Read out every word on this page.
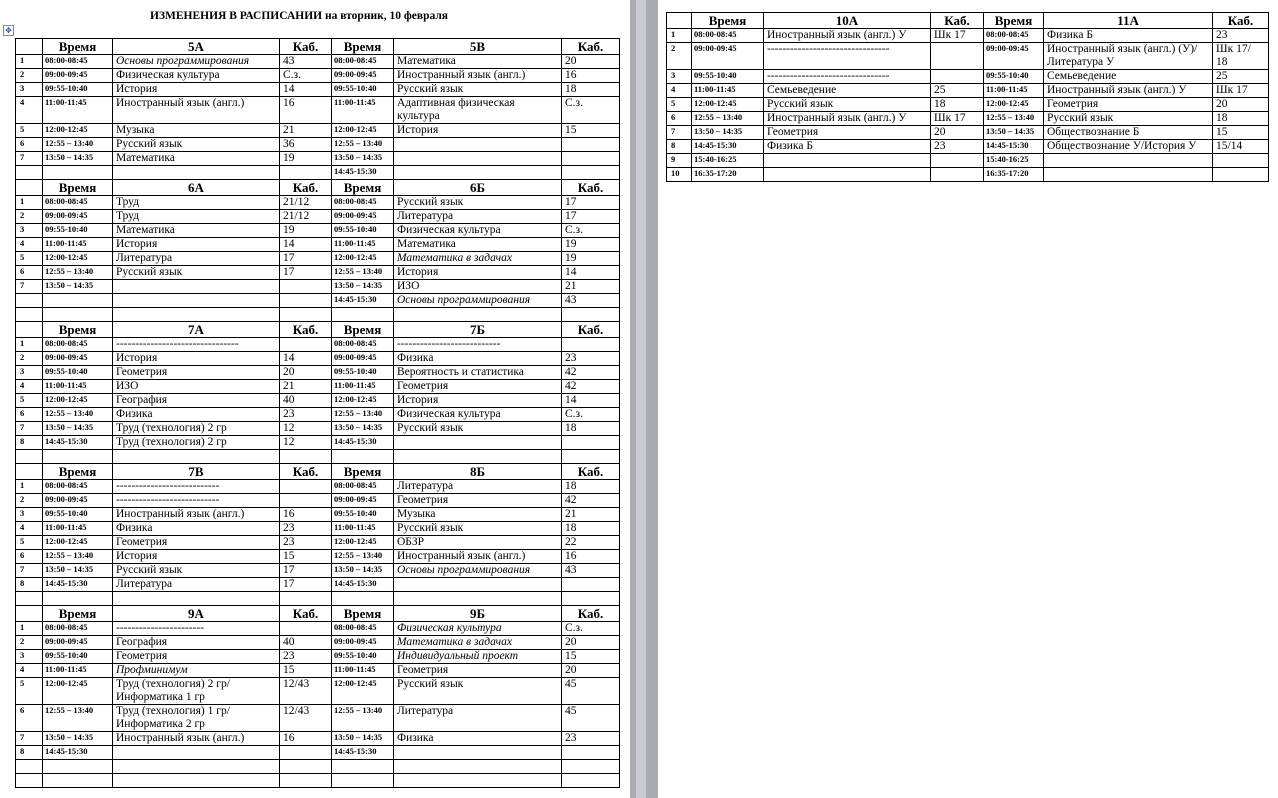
ИЗМЕНЕНИЯ В РАСПИСАНИИ на вторник, 10 февраля
✥
	Время	5А	Каб.	Время	5В	Каб.
1	08:00-08:45	Основы программирования	43	08:00-08:45	Математика	20
2	09:00-09:45	Физическая культура	С.з.	09:00-09:45	Иностранный язык (англ.)	16
3	09:55-10:40	История	14	09:55-10:40	Русский язык	18
4	11:00-11:45	Иностранный язык (англ.)	16	11:00-11:45	Адаптивная физическая культура	С.з.
5	12:00-12:45	Музыка	21	12:00-12:45	История	15
6	12:55 – 13:40	Русский язык	36	12:55 – 13:40		
7	13:50 – 14:35	Математика	19	13:50 – 14:35		
				14:45-15:30		
	Время	6А	Каб.	Время	6Б	Каб.
1	08:00-08:45	Труд	21/12	08:00-08:45	Русский язык	17
2	09:00-09:45	Труд	21/12	09:00-09:45	Литература	17
3	09:55-10:40	Математика	19	09:55-10:40	Физическая культура	С.з.
4	11:00-11:45	История	14	11:00-11:45	Математика	19
5	12:00-12:45	Литература	17	12:00-12:45	Математика в задачах	19
6	12:55 – 13:40	Русский язык	17	12:55 – 13:40	История	14
7	13:50 – 14:35			13:50 – 14:35	ИЗО	21
				14:45-15:30	Основы программирования	43

	Время	7А	Каб.	Время	7Б	Каб.
1	08:00-08:45	--------------------------------		08:00-08:45	---------------------------	
2	09:00-09:45	История	14	09:00-09:45	Физика	23
3	09:55-10:40	Геометрия	20	09:55-10:40	Вероятность и статистика	42
4	11:00-11:45	ИЗО	21	11:00-11:45	Геометрия	42
5	12:00-12:45	География	40	12:00-12:45	История	14
6	12:55 – 13:40	Физика	23	12:55 – 13:40	Физическая культура	С.з.
7	13:50 – 14:35	Труд (технология) 2 гр	12	13:50 – 14:35	Русский язык	18
8	14:45-15:30	Труд (технология) 2 гр	12	14:45-15:30		

	Время	7В	Каб.	Время	8Б	Каб.
1	08:00-08:45	---------------------------		08:00-08:45	Литература	18
2	09:00-09:45	---------------------------		09:00-09:45	Геометрия	42
3	09:55-10:40	Иностранный язык (англ.)	16	09:55-10:40	Музыка	21
4	11:00-11:45	Физика	23	11:00-11:45	Русский язык	18
5	12:00-12:45	Геометрия	23	12:00-12:45	ОБЗР	22
6	12:55 – 13:40	История	15	12:55 – 13:40	Иностранный язык (англ.)	16
7	13:50 – 14:35	Русский язык	17	13:50 – 14:35	Основы программирования	43
8	14:45-15:30	Литература	17	14:45-15:30		

	Время	9А	Каб.	Время	9Б	Каб.
1	08:00-08:45	-----------------------		08:00-08:45	Физическая культура	С.з.
2	09:00-09:45	География	40	09:00-09:45	Математика в задачах	20
3	09:55-10:40	Геометрия	23	09:55-10:40	Индивидуальный проект	15
4	11:00-11:45	Профминимум	15	11:00-11:45	Геометрия	20
5	12:00-12:45	Труд (технология) 2 гр/ Информатика 1 гр	12/43	12:00-12:45	Русский язык	45
6	12:55 – 13:40	Труд (технология) 1 гр/ Информатика 2 гр	12/43	12:55 – 13:40	Литература	45
7	13:50 – 14:35	Иностранный язык (англ.)	16	13:50 – 14:35	Физика	23
8	14:45-15:30			14:45-15:30		

	Время	10А	Каб.	Время	11А	Каб.
1	08:00-08:45	Иностранный язык (англ.) У	Шк 17	08:00-08:45	Физика Б	23
2	09:00-09:45	--------------------------------		09:00-09:45	Иностранный язык (англ.) (У)/ Литература У	Шк 17/ 18
3	09:55-10:40	--------------------------------		09:55-10:40	Семьеведение	25
4	11:00-11:45	Семьеведение	25	11:00-11:45	Иностранный язык (англ.) У	Шк 17
5	12:00-12:45	Русский язык	18	12:00-12:45	Геометрия	20
6	12:55 – 13:40	Иностранный язык (англ.) У	Шк 17	12:55 – 13:40	Русский язык	18
7	13:50 – 14:35	Геометрия	20	13:50 – 14:35	Обществознание Б	15
8	14:45-15:30	Физика Б	23	14:45-15:30	Обществознание У/История У	15/14
9	15:40-16:25			15:40-16:25		
10	16:35-17:20			16:35-17:20		
